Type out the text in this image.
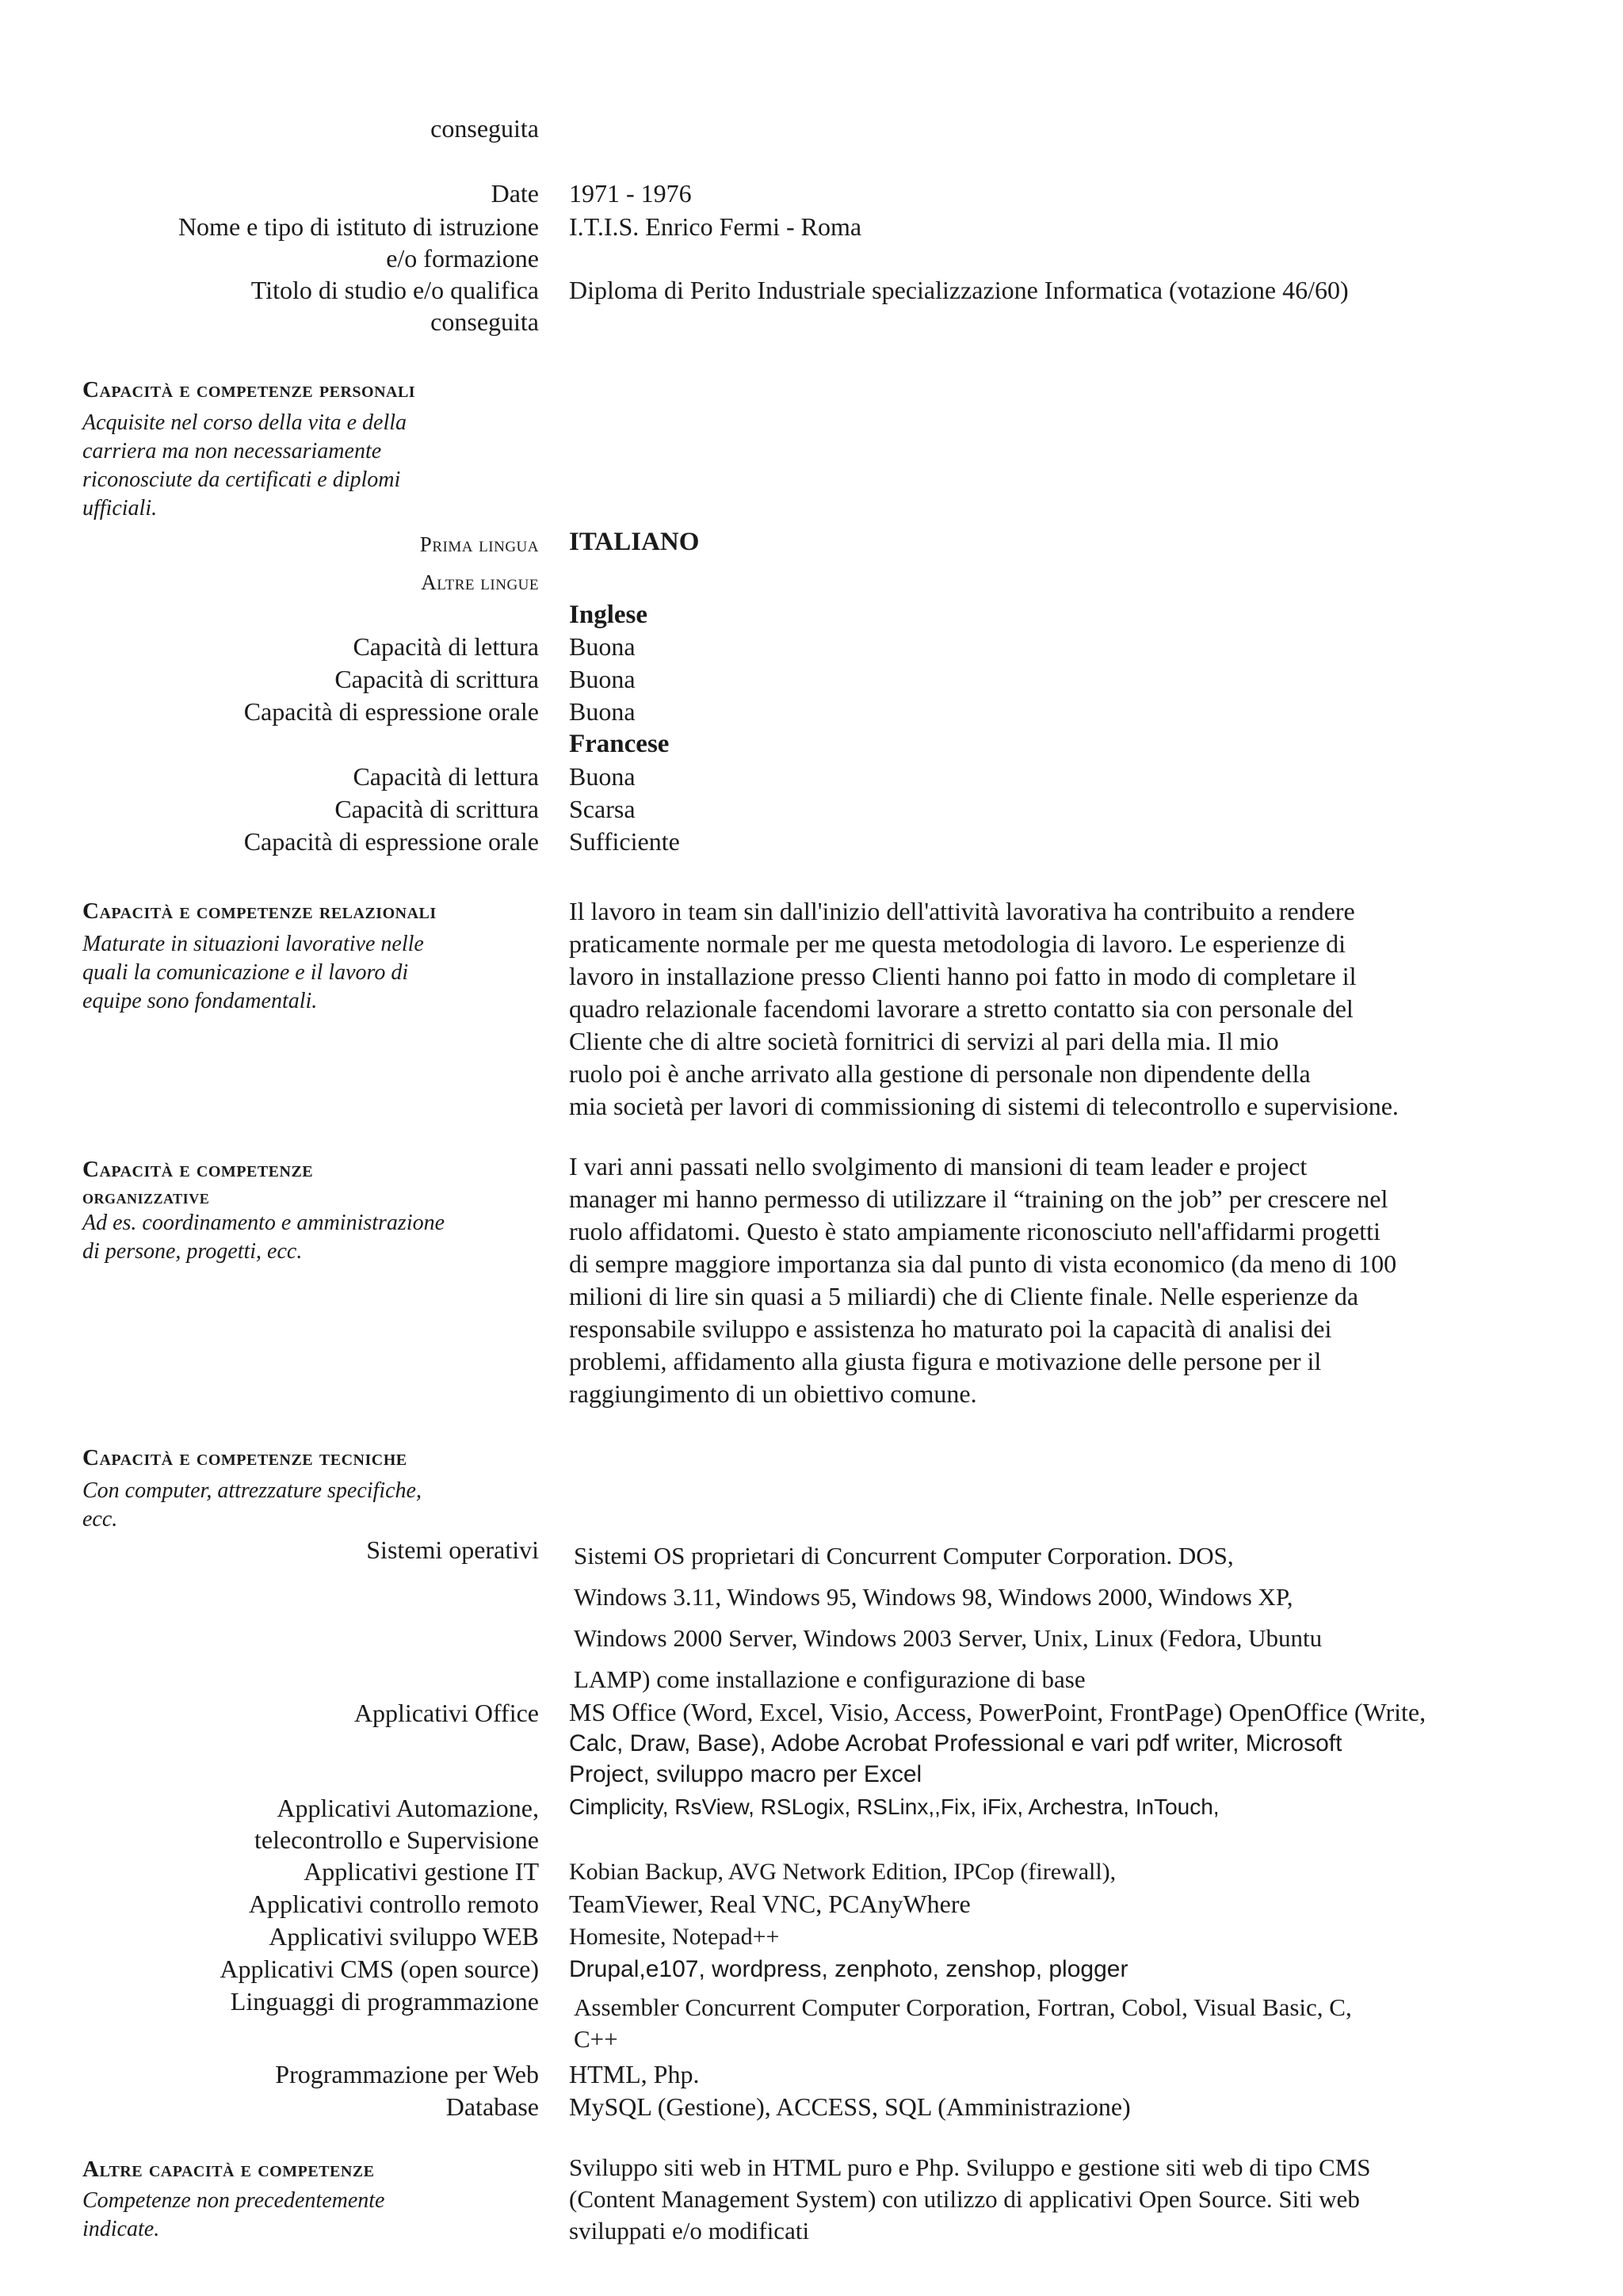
conseguita
Date 1971 - 1976
Nome e tipo di istituto di istruzione I.T.I.S. Enrico Fermi - Roma
e/o formazione
Titolo di studio e/o qualifica Diploma di Perito Industriale specializzazione Informatica (votazione 46/60)
conseguita
Capacità e competenze personali
Acquisite nel corso della vita e della
carriera ma non necessariamente
riconosciute da certificati e diplomi
ufficiali.
Prima lingua ITALIANO
Altre lingue
Inglese
Capacità di lettura Buona
Capacità di scrittura Buona
Capacità di espressione orale Buona
Francese
Capacità di lettura Buona
Capacità di scrittura Scarsa
Capacità di espressione orale Sufficiente
Capacità e competenze relazionali
Maturate in situazioni lavorative nelle
quali la comunicazione e il lavoro di
equipe sono fondamentali.
Il lavoro in team sin dall'inizio dell'attività lavorativa ha contribuito a rendere
praticamente normale per me questa metodologia di lavoro. Le esperienze di
lavoro in installazione presso Clienti hanno poi fatto in modo di completare il
quadro relazionale facendomi lavorare a stretto contatto sia con personale del
Cliente che di altre società fornitrici di servizi al pari della mia. Il mio
ruolo poi è anche arrivato alla gestione di personale non dipendente della
mia società per lavori di commissioning di sistemi di telecontrollo e supervisione.
Capacità e competenze
organizzative
Ad es. coordinamento e amministrazione
di persone, progetti, ecc.
I vari anni passati nello svolgimento di mansioni di team leader e project
manager mi hanno permesso di utilizzare il “training on the job” per crescere nel
ruolo affidatomi. Questo è stato ampiamente riconosciuto nell'affidarmi progetti
di sempre maggiore importanza sia dal punto di vista economico (da meno di 100
milioni di lire sin quasi a 5 miliardi) che di Cliente finale. Nelle esperienze da
responsabile sviluppo e assistenza ho maturato poi la capacità di analisi dei
problemi, affidamento alla giusta figura e motivazione delle persone per il
raggiungimento di un obiettivo comune.
Capacità e competenze tecniche
Con computer, attrezzature specifiche,
ecc.
Sistemi operativi Sistemi OS proprietari di Concurrent Computer Corporation. DOS,
Windows 3.11, Windows 95, Windows 98, Windows 2000, Windows XP,
Windows 2000 Server, Windows 2003 Server, Unix, Linux (Fedora, Ubuntu
LAMP) come installazione e configurazione di base
Applicativi Office MS Office (Word, Excel, Visio, Access, PowerPoint, FrontPage) OpenOffice (Write,
Calc, Draw, Base), Adobe Acrobat Professional e vari pdf writer, Microsoft
Project, sviluppo macro per Excel
Applicativi Automazione,
telecontrollo e Supervisione
Cimplicity, RsView, RSLogix, RSLinx,,Fix, iFix, Archestra, InTouch,
Applicativi gestione IT Kobian Backup, AVG Network Edition, IPCop (firewall),
Applicativi controllo remoto TeamViewer, Real VNC, PCAnyWhere
Applicativi sviluppo WEB Homesite, Notepad++
Applicativi CMS (open source) Drupal,e107, wordpress, zenphoto, zenshop, plogger
Linguaggi di programmazione Assembler Concurrent Computer Corporation, Fortran, Cobol, Visual Basic, C,
C++
Programmazione per Web HTML, Php.
Database MySQL (Gestione), ACCESS, SQL (Amministrazione)
Altre capacità e competenze
Competenze non precedentemente
indicate.
Sviluppo siti web in HTML puro e Php. Sviluppo e gestione siti web di tipo CMS
(Content Management System) con utilizzo di applicativi Open Source. Siti web
sviluppati e/o modificati
